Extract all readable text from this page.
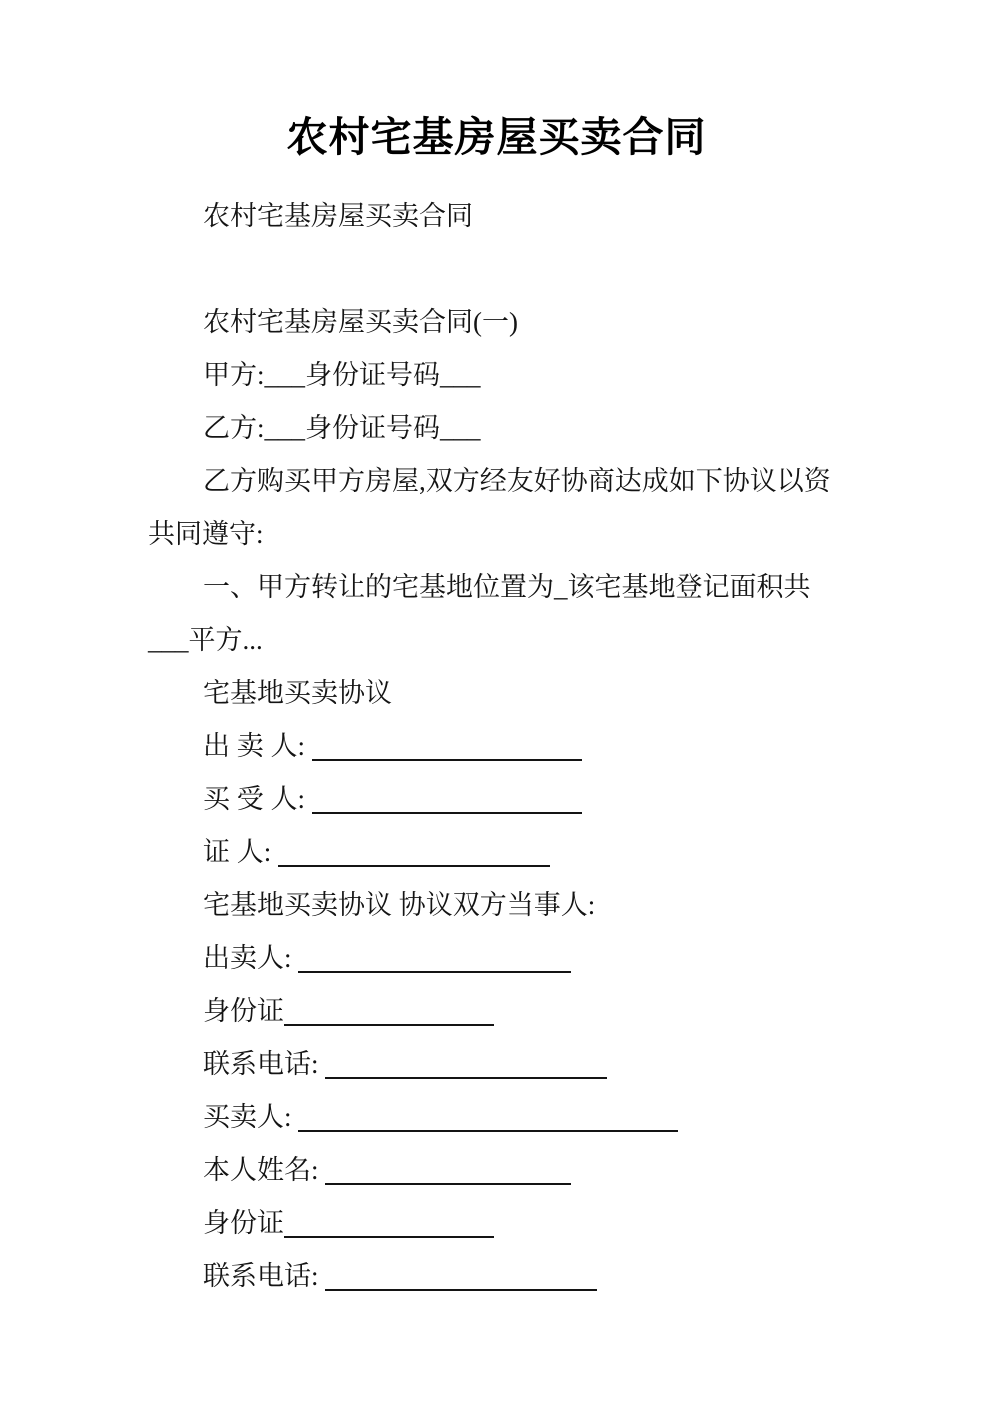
农村宅基房屋买卖合同
农村宅基房屋买卖合同
农村宅基房屋买卖合同(一)
甲方:___身份证号码___
乙方:___身份证号码___
乙方购买甲方房屋,双方经友好协商达成如下协议以资
共同遵守:
一、甲方转让的宅基地位置为_该宅基地登记面积共
___平方...
宅基地买卖协议
出 卖 人:
买 受 人:
证 人:
宅基地买卖协议 协议双方当事人:
出卖人:
身份证
联系电话:
买卖人:
本人姓名:
身份证
联系电话:
